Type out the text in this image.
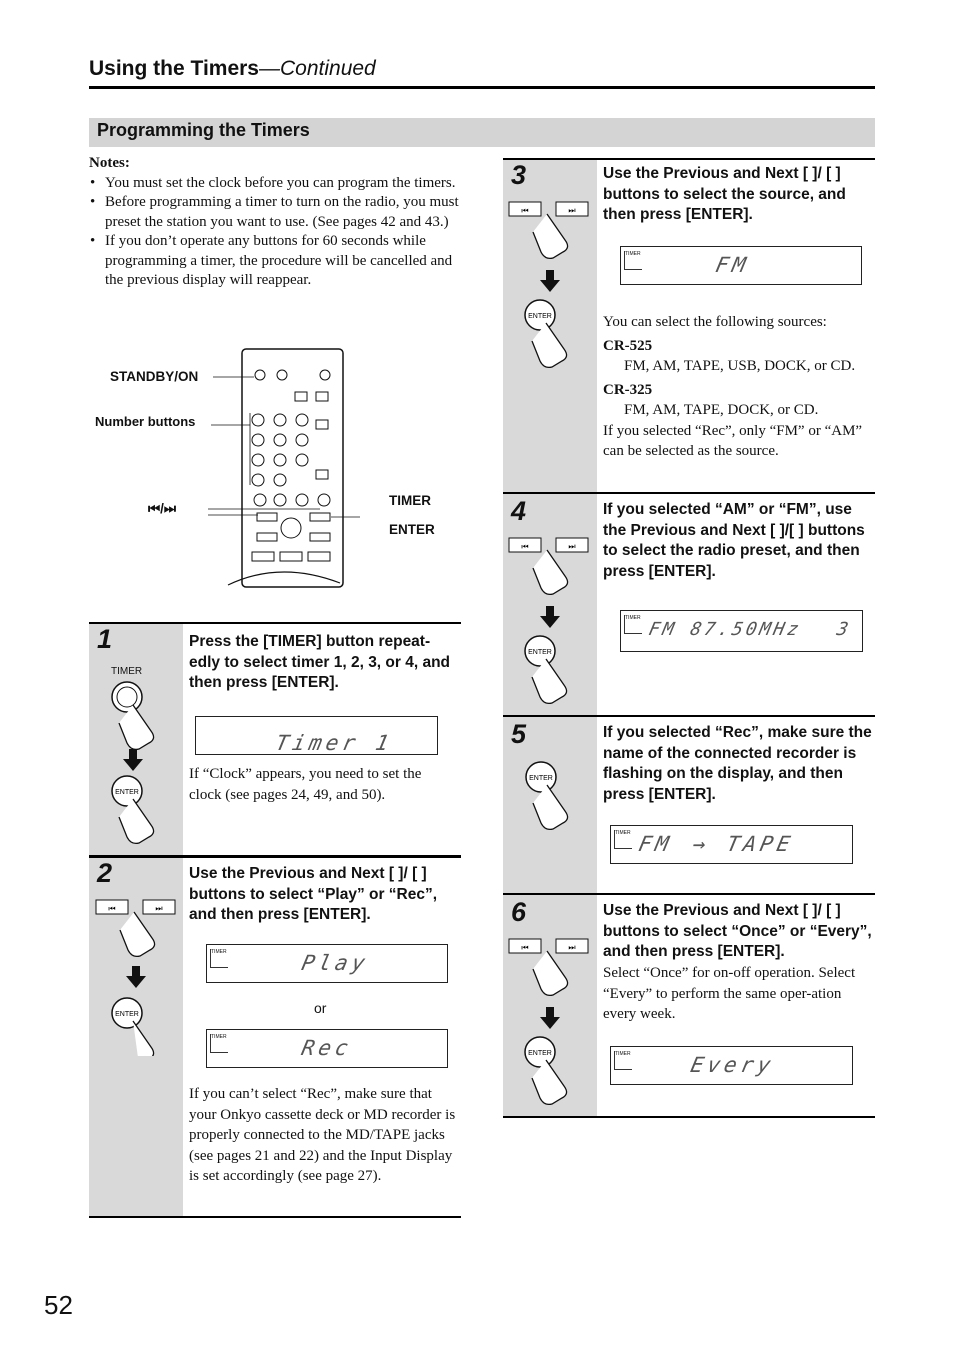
Using the Timers—Continued
Programming the Timers
Notes:
• You must set the clock before you can program the timers.
• Before programming a timer to turn on the radio, you must preset the station you want to use. (See pages 42 and 43.)
• If you don’t operate any buttons for 60 seconds while programming a timer, the procedure will be cancelled and the previous display will reappear.
STANDBY/ON
Number buttons
⏮/⏭
TIMER
ENTER
1
TIMER
ENTER
Press the [TIMER] button repeat-edly to select timer 1, 2, 3, or 4, and then press [ENTER].
Timer 1
If “Clock” appears, you need to set the clock (see pages 24, 49, and 50).
2
⏮	⏭
ENTER
Use the Previous and Next [ ]/ [ ] buttons to select “Play” or “Rec”, and then press [ENTER].
TIMER	Play
or
TIMER	Rec
If you can’t select “Rec”, make sure that your Onkyo cassette deck or MD recorder is properly connected to the MD/TAPE jacks (see pages 21 and 22) and the Input Display is set accordingly (see page 27).
3
⏮	⏭
ENTER
Use the Previous and Next [ ]/ [ ] buttons to select the source, and then press [ENTER].
TIMER	FM
You can select the following sources:
CR-525
FM, AM, TAPE, USB, DOCK, or CD.
CR-325
FM, AM, TAPE, DOCK, or CD.
If you selected “Rec”, only “FM” or “AM” can be selected as the source.
4
⏮	⏭
ENTER
If you selected “AM” or “FM”, use the Previous and Next [ ]/[ ] buttons to select the radio preset, and then press [ENTER].
TIMER
FM 87.50MHz 3
5
ENTER
If you selected “Rec”, make sure the name of the connected recorder is flashing on the display, and then press [ENTER].
TIMER FM → TAPE
6
⏮	⏭
ENTER
Use the Previous and Next [ ]/ [ ] buttons to select “Once” or “Every”, and then press [ENTER].
Select “Once” for on-off operation. Select “Every” to perform the same oper-ation every week.
TIMER	Every
52
